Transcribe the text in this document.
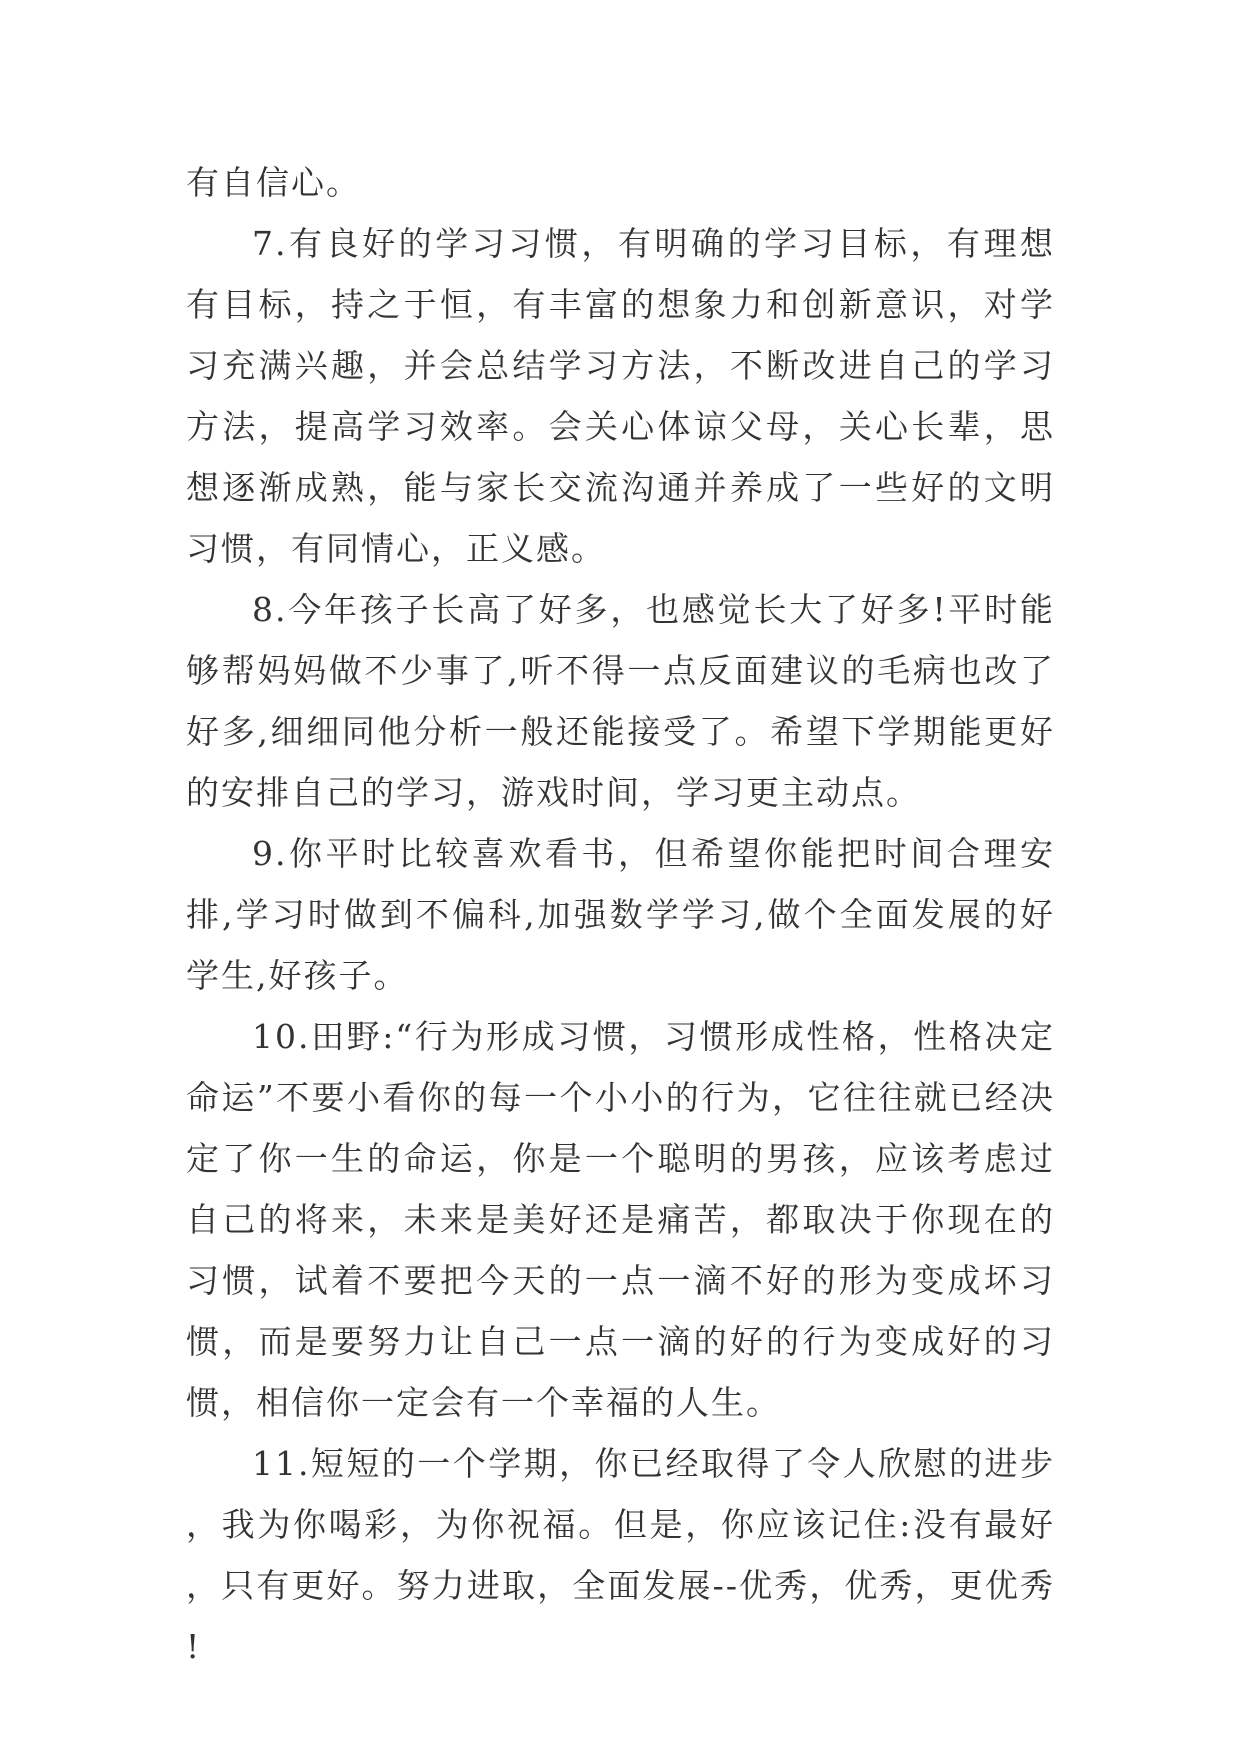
有自信心。

7.有良好的学习习惯，有明确的学习目标，有理想有目标，持之于恒，有丰富的想象力和创新意识，对学习充满兴趣，并会总结学习方法，不断改进自己的学习方法，提高学习效率。会关心体谅父母，关心长辈，思想逐渐成熟，能与家长交流沟通并养成了一些好的文明习惯，有同情心，正义感。

8.今年孩子长高了好多，也感觉长大了好多!平时能够帮妈妈做不少事了,听不得一点反面建议的毛病也改了好多,细细同他分析一般还能接受了。希望下学期能更好的安排自己的学习，游戏时间，学习更主动点。

9.你平时比较喜欢看书，但希望你能把时间合理安排,学习时做到不偏科,加强数学学习,做个全面发展的好学生,好孩子。

10.田野:“行为形成习惯，习惯形成性格，性格决定命运”不要小看你的每一个小小的行为，它往往就已经决定了你一生的命运，你是一个聪明的男孩，应该考虑过自己的将来，未来是美好还是痛苦，都取决于你现在的习惯，试着不要把今天的一点一滴不好的形为变成坏习惯，而是要努力让自己一点一滴的好的行为变成好的习惯，相信你一定会有一个幸福的人生。

11.短短的一个学期，你已经取得了令人欣慰的进步，我为你喝彩，为你祝福。但是，你应该记住:没有最好，只有更好。努力进取，全面发展--优秀，优秀，更优秀!
